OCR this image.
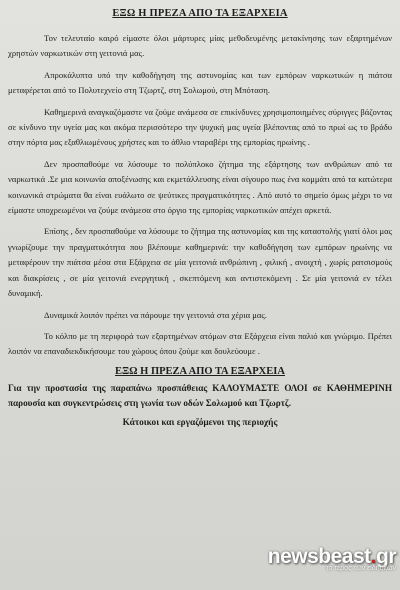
ΕΞΩ Η ΠΡΕΖΑ ΑΠΟ ΤΑ ΕΞΑΡΧΕΙΑ

Τον τελευταίο καιρό είμαστε όλοι μάρτυρες μίας μεθοδευμένης μετακίνησης των εξαρτημένων χρηστών ναρκωτικών στη γειτονιά μας.

Απροκάλυπτα υπό την καθοδήγηση της αστυνομίας και των εμπόρων ναρκωτικών η πιάτσα μεταφέρεται από το Πολυτεχνείο στη Τζωρτζ, στη Σολωμού, στη Μπόταση.

Καθημερινά αναγκαζόμαστε να ζούμε ανάμεσα σε επικίνδυνες χρησιμοποιημένες σύριγγες βάζοντας σε κίνδυνο την υγεία μας και ακόμα περισσότερο την ψυχική μας υγεία βλέποντας από το πρωί ως το βράδυ στην πόρτα μας εξαθλιωμένους χρήστες και το άθλιο νταραβέρι της εμπορίας ηρωίνης .

Δεν προσπαθούμε να λύσουμε το πολύπλοκο ζήτημα της εξάρτησης των ανθρώπων από τα ναρκωτικά .Σε μια κοινωνία αποξένωσης και εκμετάλλευσης είναι σίγουρο πως ένα κομμάτι από τα κατώτερα κοινωνικά στρώματα θα είναι ευάλωτο σε ψεύτικες πραγματικότητες . Από αυτό το σημείο όμως μέχρι το να είμαστε υποχρεωμένοι να ζούμε ανάμεσα στο όργιο της εμπορίας ναρκωτικών απέχει αρκετά.

Επίσης , δεν προσπαθούμε να λύσουμε το ζήτημα της αστυνομίας και της καταστολής γιατί όλοι μας γνωρίζουμε την πραγματικότητα που βλέπουμε καθημερινά: την καθοδήγηση των εμπόρων ηρωίνης να μεταφέρουν την πιάτσα μέσα στα Εξάρχεια σε μία γειτονιά ανθρώπινη , φιλική , ανοιχτή , χωρίς ρατσισμούς και διακρίσεις , σε μία γειτονιά ενεργητική , σκεπτόμενη και αντιστεκόμενη . Σε μία γειτονιά εν τέλει δυναμική.

Δυναμικά λοιπόν πρέπει να πάρουμε την γειτονιά στα χέρια μας.

Το κόλπο με τη περιφορά των εξαρτημένων ατόμων στα Εξάρχεια είναι παλιό και γνώριμο. Πρέπει λοιπόν να επαναδιεκδικήσουμε του χώρους όπου ζούμε και δουλεύουμε .

ΕΞΩ Η ΠΡΕΖΑ ΑΠΟ ΤΑ ΕΞΑΡΧΕΙΑ
Για την προστασία της παραπάνω προσπάθειας ΚΑΛΟΥΜΑΣΤΕ ΟΛΟΙ σε ΚΑΘΗΜΕΡΙΝΗ παρουσία και συγκεντρώσεις στη γωνία των οδών Σολωμού και Τζωρτζ.
Κάτοικοι και εργαζόμενοι της περιοχής
newsbeast.gr
το τέρας των ειδήσεων
